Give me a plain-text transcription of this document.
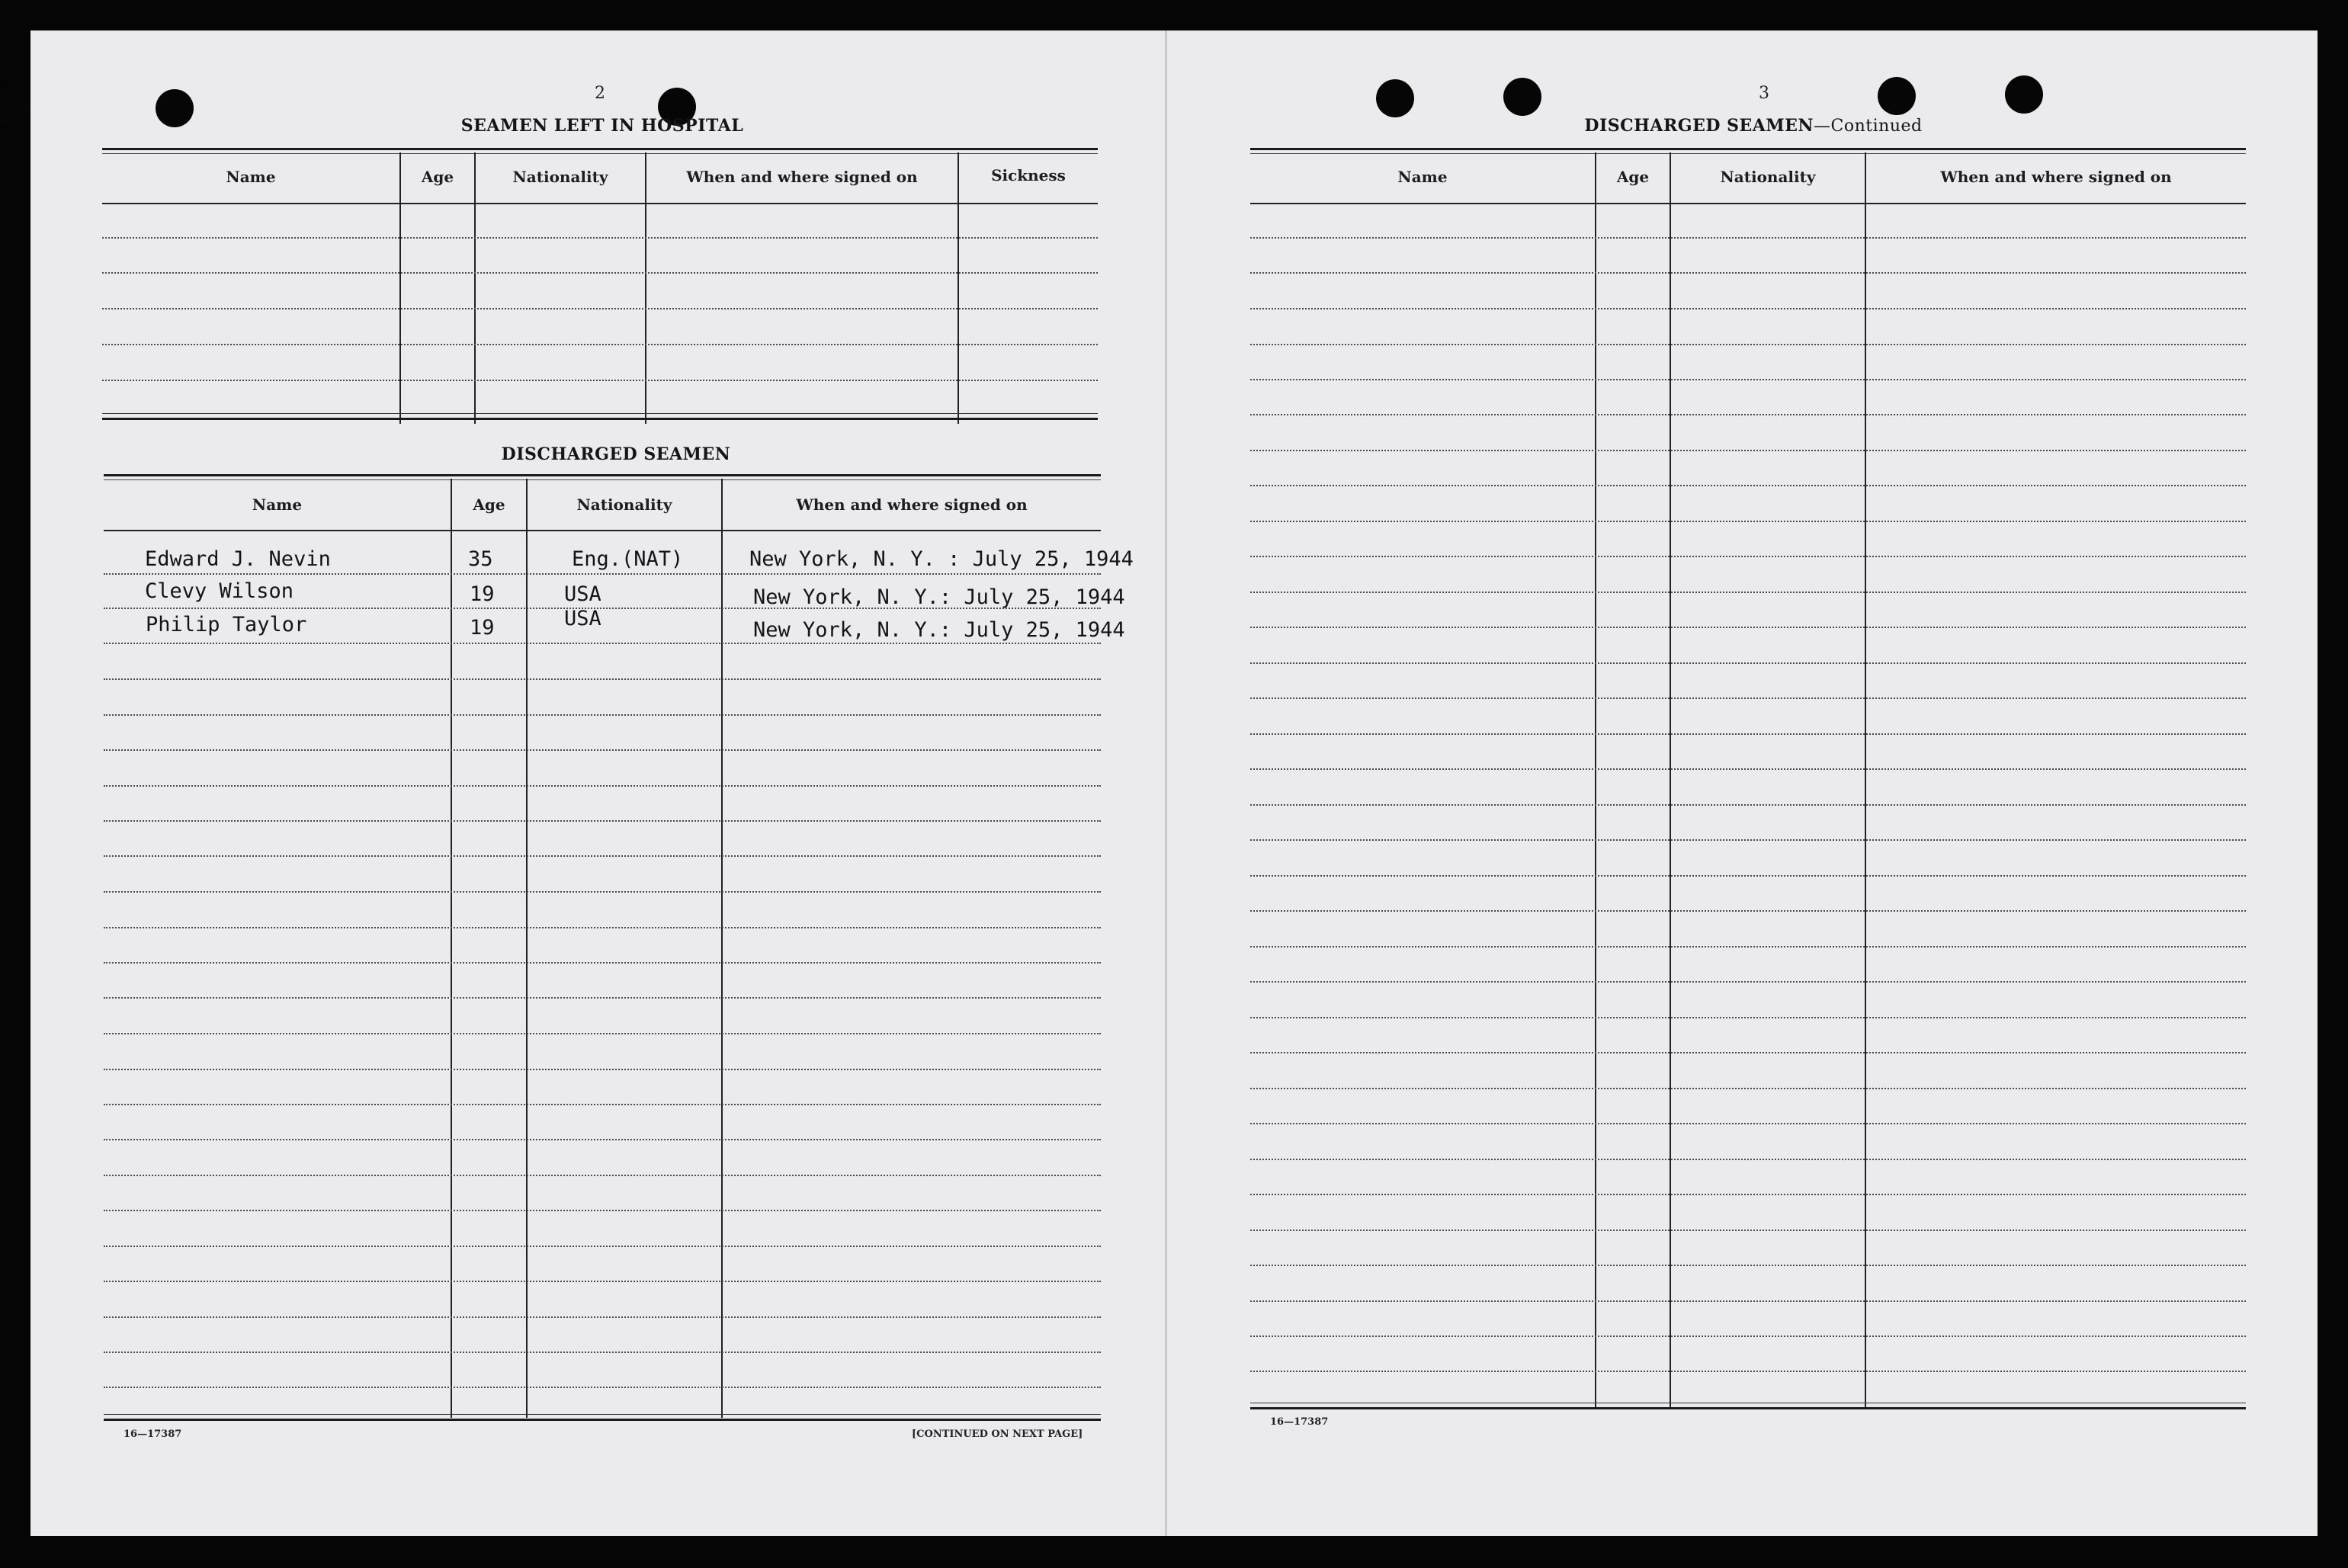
2
SEAMEN LEFT IN HOSPITAL
Name	Age	Nationality	When and where signed on	Sickness
DISCHARGED SEAMEN
Name	Age	Nationality	When and where signed on
Edward J. Nevin	35	Eng.(NAT)	New York, N. Y. : July 25, 1944
Clevy Wilson	19	USA	New York, N. Y.: July 25, 1944
Philip Taylor	19	USA	New York, N. Y.: July 25, 1944
16—17387	[CONTINUED ON NEXT PAGE]
3
DISCHARGED SEAMEN—Continued
Name	Age	Nationality	When and where signed on
16—17387
